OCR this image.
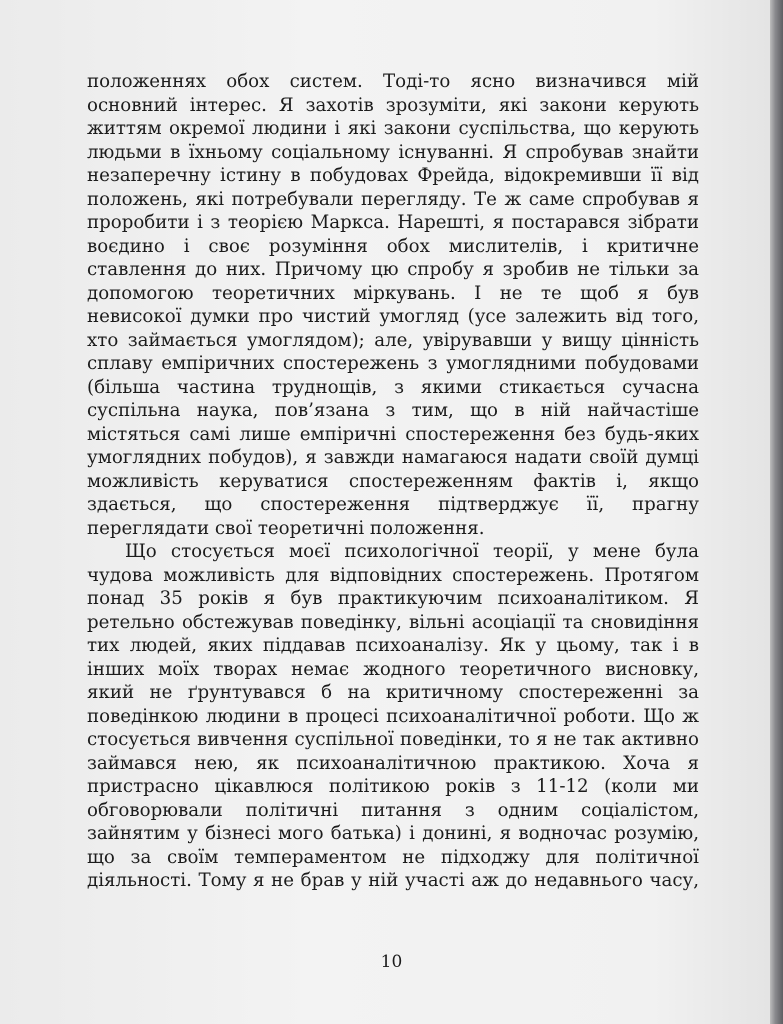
положеннях обох систем. Тоді-то ясно визначився мій

основний інтерес. Я захотів зрозуміти, які закони керують

життям окремої людини і які закони суспільства, що керують

людьми в їхньому соціальному існуванні. Я спробував знайти

незаперечну істину в побудовах Фрейда, відокремивши її від

положень, які потребували перегляду. Те ж саме спробував я

проробити і з теорією Маркса. Нарешті, я постарався зібрати

воєдино і своє розуміння обох мислителів, і критичне

ставлення до них. Причому цю спробу я зробив не тільки за

допомогою теоретичних міркувань. І не те щоб я був

невисокої думки про чистий умогляд (усе залежить від того,

хто займається умоглядом); але, увірувавши у вищу цінність

сплаву емпіричних спостережень з умоглядними побудовами

(більша частина труднощів, з якими стикається сучасна

суспільна наука, пов’язана з тим, що в ній найчастіше

містяться самі лише емпіричні спостереження без будь-яких

умоглядних побудов), я завжди намагаюся надати своїй думці

можливість керуватися спостереженням фактів і, якщо

здається, що спостереження підтверджує її, прагну

переглядати свої теоретичні положення.

Що стосується моєї психологічної теорії, у мене була

чудова можливість для відповідних спостережень. Протягом

понад 35 років я був практикуючим психоаналітиком. Я

ретельно обстежував поведінку, вільні асоціації та сновидіння

тих людей, яких піддавав психоаналізу. Як у цьому, так і в

інших моїх творах немає жодного теоретичного висновку,

який не ґрунтувався б на критичному спостереженні за

поведінкою людини в процесі психоаналітичної роботи. Що ж

стосується вивчення суспільної поведінки, то я не так активно

займався нею, як психоаналітичною практикою. Хоча я

пристрасно цікавлюся політикою років з 11-12 (коли ми

обговорювали політичні питання з одним соціалістом,

зайнятим у бізнесі мого батька) і донині, я водночас розумію,

що за своїм темпераментом не підходжу для політичної

діяльності. Тому я не брав у ній участі аж до недавнього часу,

10
